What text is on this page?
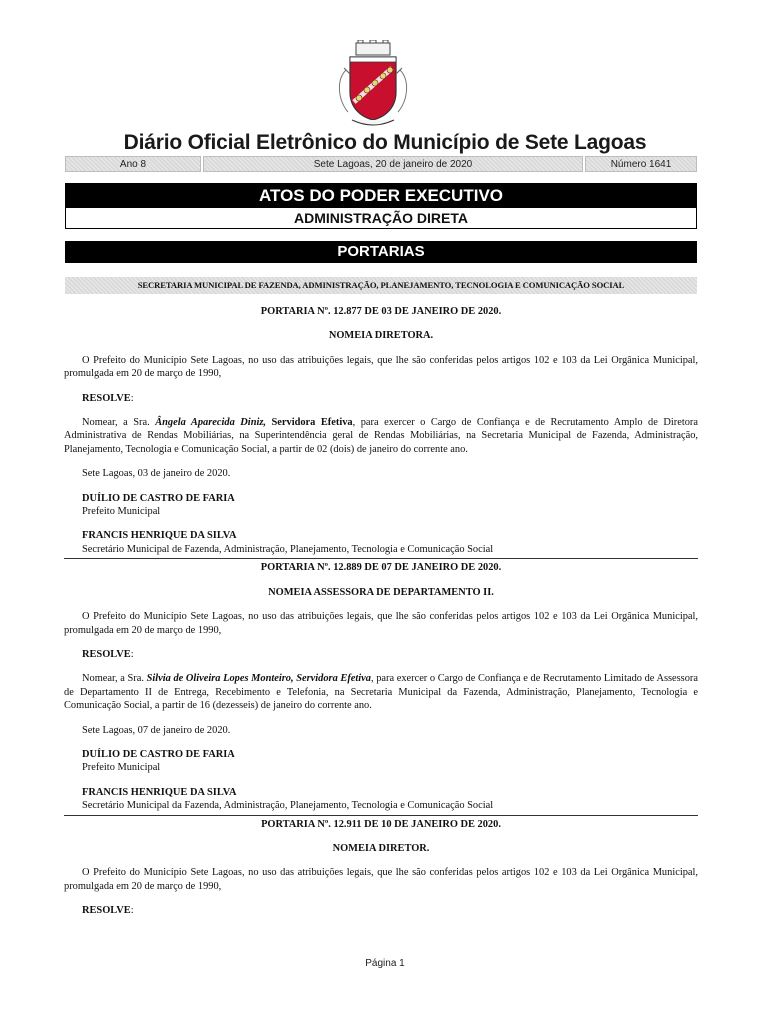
Diário Oficial Eletrônico do Município de Sete Lagoas
Ano 8	Sete Lagoas, 20 de janeiro de 2020	Número 1641
ATOS DO PODER EXECUTIVO
ADMINISTRAÇÃO DIRETA
PORTARIAS
SECRETARIA MUNICIPAL DE FAZENDA, ADMINISTRAÇÃO, PLANEJAMENTO, TECNOLOGIA E COMUNICAÇÃO SOCIAL

PORTARIA Nº. 12.877 DE 03 DE JANEIRO DE 2020.

NOMEIA DIRETORA.

O Prefeito do Município Sete Lagoas, no uso das atribuições legais, que lhe são conferidas pelos artigos 102 e 103 da Lei Orgânica Municipal, promulgada em 20 de março de 1990,

RESOLVE:

Nomear, a Sra. Ângela Aparecida Diniz, Servidora Efetiva, para exercer o Cargo de Confiança e de Recrutamento Amplo de Diretora Administrativa de Rendas Mobiliárias, na Superintendência geral de Rendas Mobiliárias, na Secretaria Municipal de Fazenda, Administração, Planejamento, Tecnologia e Comunicação Social, a partir de 02 (dois) de janeiro do corrente ano.

Sete Lagoas, 03 de janeiro de 2020.

DUÍLIO DE CASTRO DE FARIA

Prefeito Municipal

FRANCIS HENRIQUE DA SILVA

Secretário Municipal de Fazenda, Administração, Planejamento, Tecnologia e Comunicação Social

PORTARIA Nº. 12.889 DE 07 DE JANEIRO DE 2020.

NOMEIA ASSESSORA DE DEPARTAMENTO II.

O Prefeito do Município Sete Lagoas, no uso das atribuições legais, que lhe são conferidas pelos artigos 102 e 103 da Lei Orgânica Municipal, promulgada em 20 de março de 1990,

RESOLVE:

Nomear, a Sra. Silvia de Oliveira Lopes Monteiro, Servidora Efetiva, para exercer o Cargo de Confiança e de Recrutamento Limitado de Assessora de Departamento II de Entrega, Recebimento e Telefonia, na Secretaria Municipal da Fazenda, Administração, Planejamento, Tecnologia e Comunicação Social, a partir de 16 (dezesseis) de janeiro do corrente ano.

Sete Lagoas, 07 de janeiro de 2020.

DUÍLIO DE CASTRO DE FARIA

Prefeito Municipal

FRANCIS HENRIQUE DA SILVA

Secretário Municipal da Fazenda, Administração, Planejamento, Tecnologia e Comunicação Social

PORTARIA Nº. 12.911 DE 10 DE JANEIRO DE 2020.

NOMEIA DIRETOR.

O Prefeito do Município Sete Lagoas, no uso das atribuições legais, que lhe são conferidas pelos artigos 102 e 103 da Lei Orgânica Municipal, promulgada em 20 de março de 1990,

RESOLVE:

Página 1
